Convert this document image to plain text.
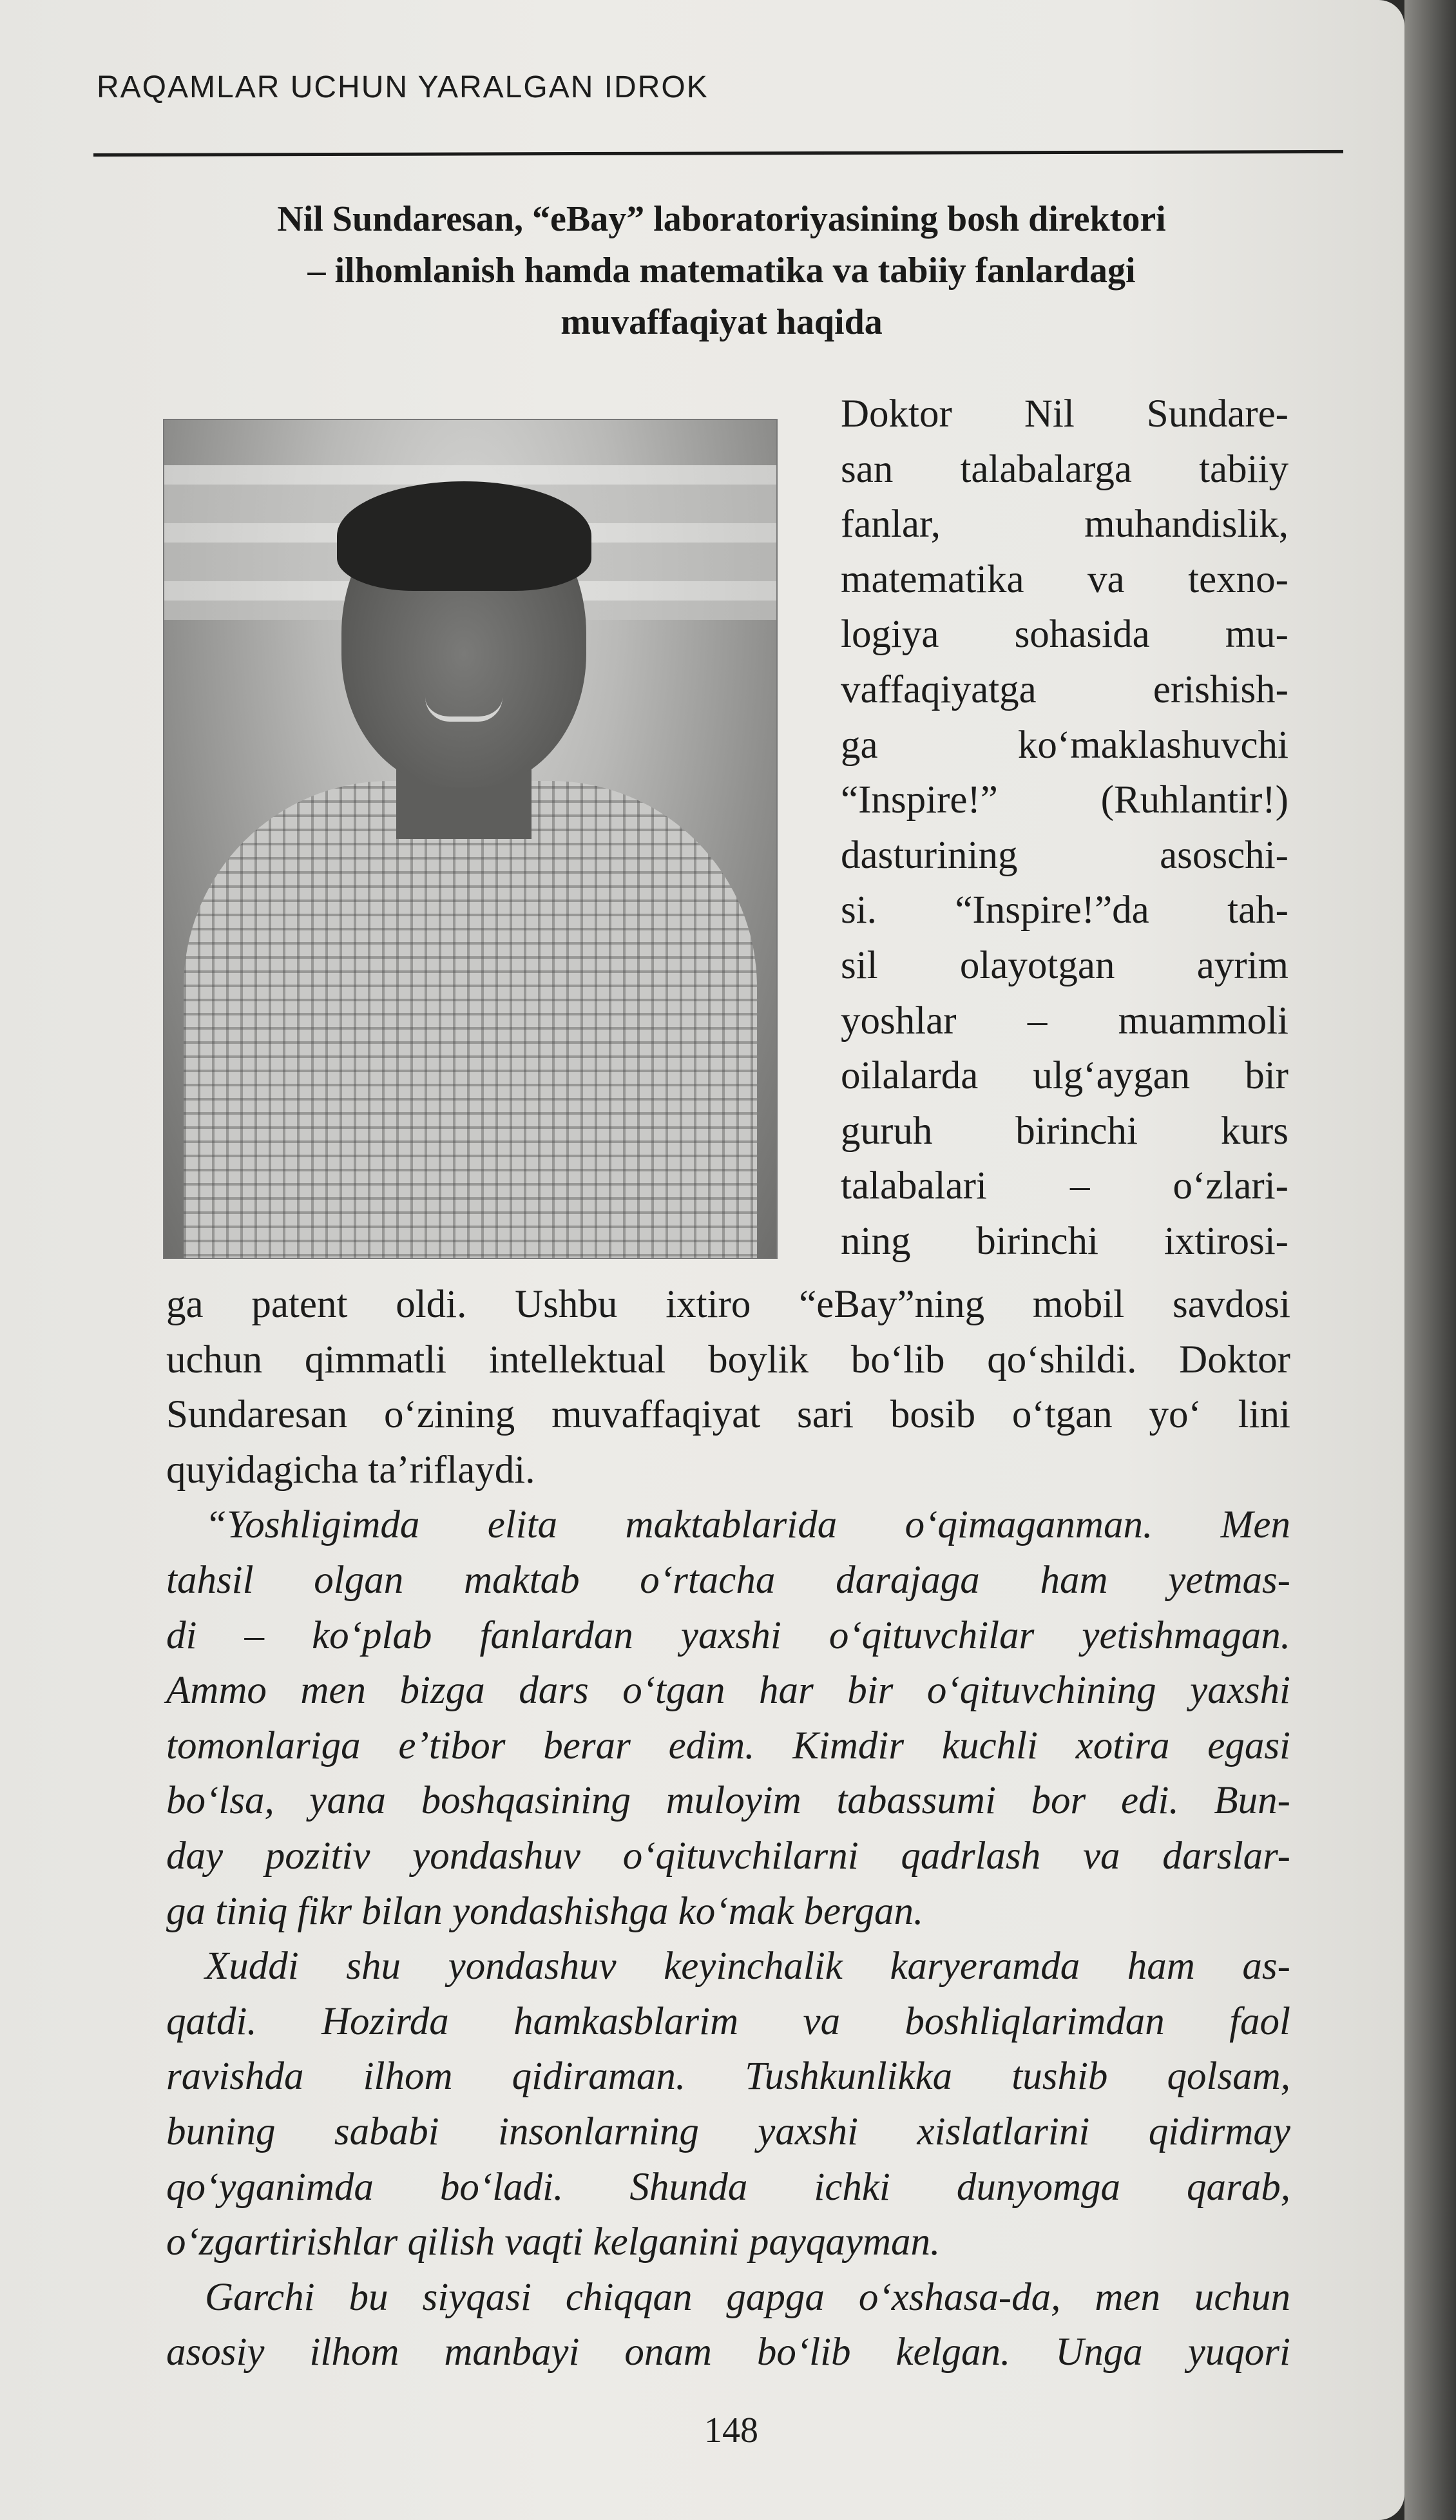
RAQAMLAR UCHUN YARALGAN IDROK
Nil Sundaresan, “eBay” laboratoriyasining bosh direktori
– ilhomlanish hamda matematika va tabiiy fanlardagi
muvaffaqiyat haqida
Doktor Nil Sundare-
san talabalarga tabiiy
fanlar, muhandislik,
matematika va texno-
logiya sohasida mu-
vaffaqiyatga erishish-
ga koʻmaklashuvchi
“Inspire!” (Ruhlantir!)
dasturining asoschi-
si. “Inspire!”da tah-
sil olayotgan ayrim
yoshlar – muammoli
oilalarda ulgʻaygan bir
guruh birinchi kurs
talabalari – oʻzlari-
ning birinchi ixtirosi-
ga patent oldi. Ushbu ixtiro “eBay”ning mobil savdosi
uchun qimmatli intellektual boylik boʻlib qoʻshildi. Doktor
Sundaresan oʻzining muvaffaqiyat sari bosib oʻtgan yoʻ lini
quyidagicha taʼriflaydi.
“Yoshligimda elita maktablarida oʻqimaganman. Men
tahsil olgan maktab oʻrtacha darajaga ham yetmas-
di – koʻplab fanlardan yaxshi oʻqituvchilar yetishmagan.
Ammo men bizga dars oʻtgan har bir oʻqituvchining yaxshi
tomonlariga eʼtibor berar edim. Kimdir kuchli xotira egasi
boʻlsa, yana boshqasining muloyim tabassumi bor edi. Bun-
day pozitiv yondashuv oʻqituvchilarni qadrlash va darslar-
ga tiniq fikr bilan yondashishga koʻmak bergan.
Xuddi shu yondashuv keyinchalik karyeramda ham as-
qatdi. Hozirda hamkasblarim va boshliqlarimdan faol
ravishda ilhom qidiraman. Tushkunlikka tushib qolsam,
buning sababi insonlarning yaxshi xislatlarini qidirmay
qoʻyganimda boʻladi. Shunda ichki dunyomga qarab,
oʻzgartirishlar qilish vaqti kelganini payqayman.
Garchi bu siyqasi chiqqan gapga oʻxshasa-da, men uchun
asosiy ilhom manbayi onam boʻlib kelgan. Unga yuqori
148
